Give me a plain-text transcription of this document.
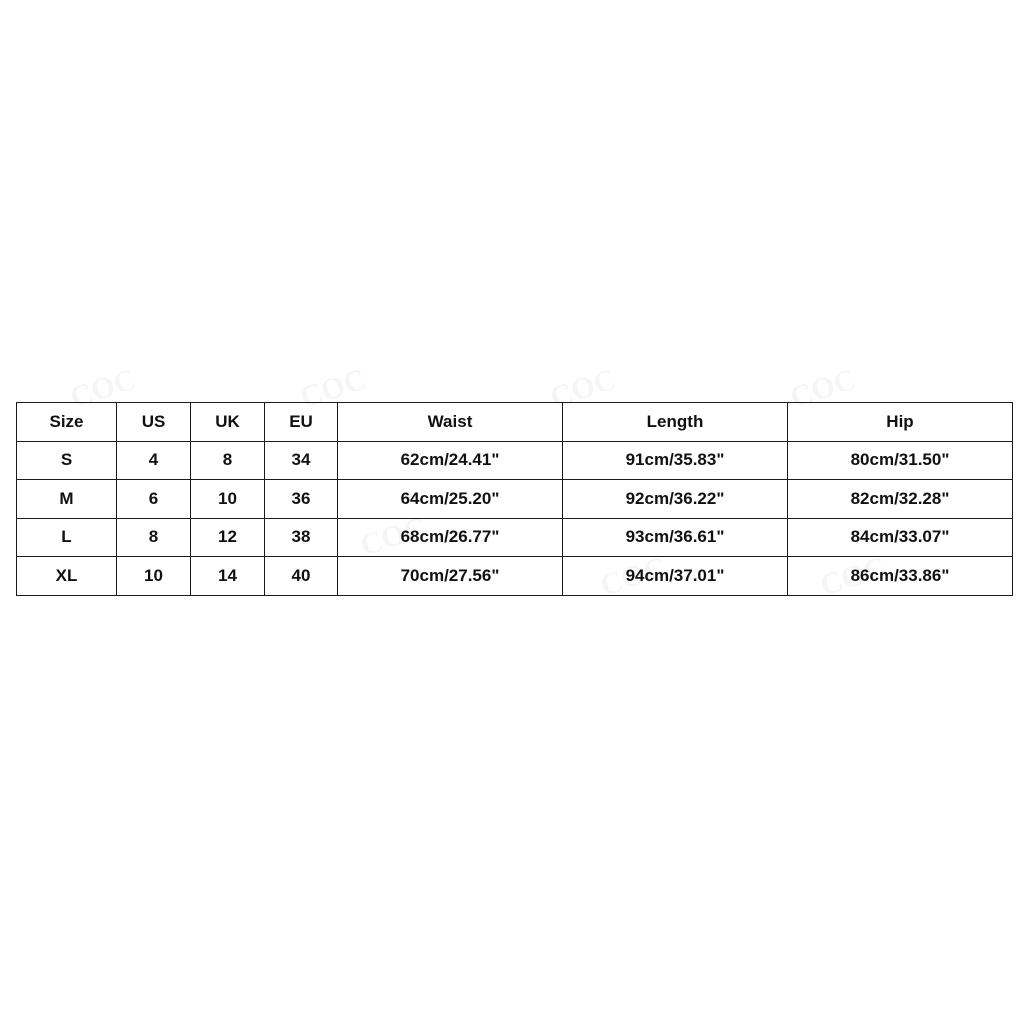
Size	US	UK	EU	Waist	Length	Hip
S	4	8	34	62cm/24.41"	91cm/35.83"	80cm/31.50"
M	6	10	36	64cm/25.20"	92cm/36.22"	82cm/32.28"
L	8	12	38	68cm/26.77"	93cm/36.61"	84cm/33.07"
XL	10	14	40	70cm/27.56"	94cm/37.01"	86cm/33.86"
